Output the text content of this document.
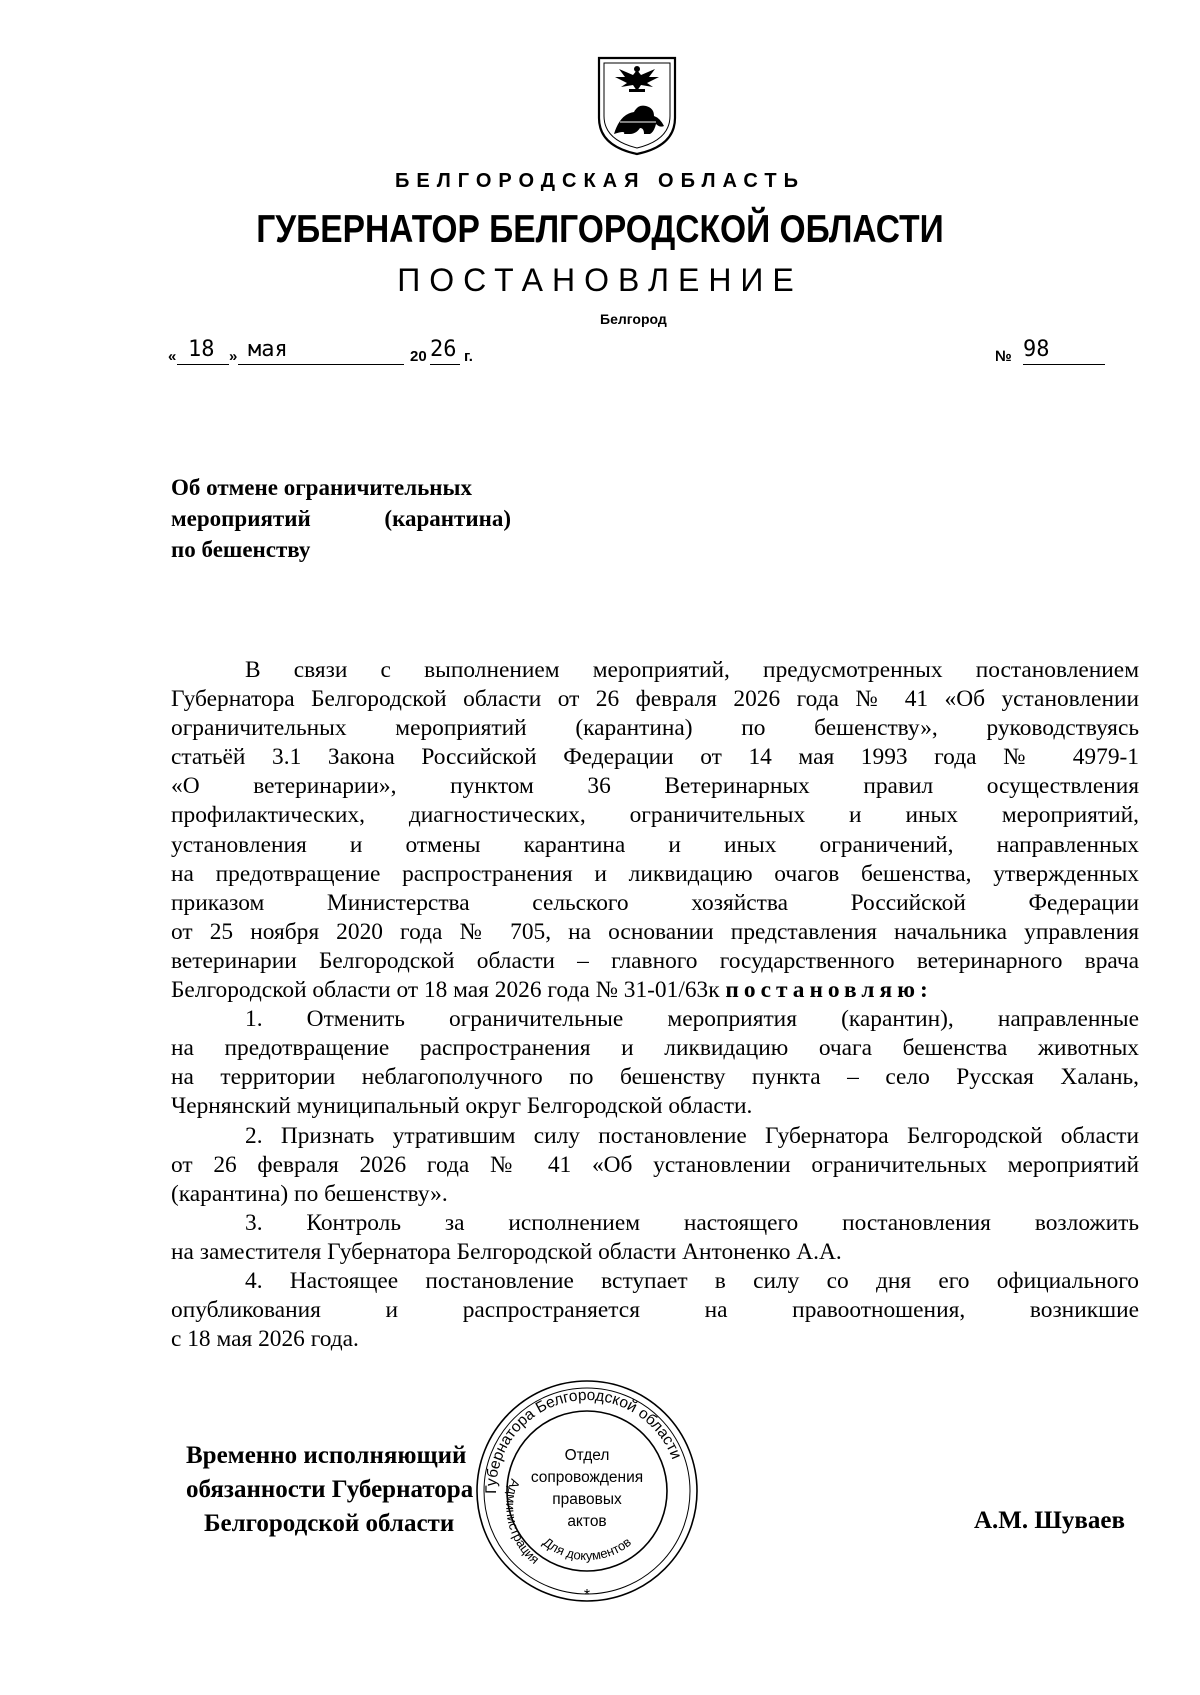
БЕЛГОРОДСКАЯ ОБЛАСТЬ
ГУБЕРНАТОР БЕЛГОРОДСКОЙ ОБЛАСТИ
ПОСТАНОВЛЕНИЕ
Белгород
« 18 » мая	20 26 г.	№ 98
Об отмене ограничительных
мероприятий	(карантина)
по бешенству

В связи с выполнением мероприятий, предусмотренных постановлением

Губернатора Белгородской области от 26 февраля 2026 года № 41 «Об установлении

ограничительных мероприятий (карантина) по бешенству», руководствуясь

статьёй 3.1 Закона Российской Федерации от 14 мая 1993 года № 4979-1

«О ветеринарии», пунктом 36 Ветеринарных правил осуществления

профилактических, диагностических, ограничительных и иных мероприятий,

установления и отмены карантина и иных ограничений, направленных

на предотвращение распространения и ликвидацию очагов бешенства, утвержденных

приказом Министерства сельского хозяйства Российской Федерации

от 25 ноября 2020 года № 705, на основании представления начальника управления

ветеринарии Белгородской области – главного государственного ветеринарного врача

Белгородской области от 18 мая 2026 года № 31-01/63к постановляю:

1. Отменить ограничительные мероприятия (карантин), направленные

на предотвращение распространения и ликвидацию очага бешенства животных

на территории неблагополучного по бешенству пункта – село Русская Халань,

Чернянский муниципальный округ Белгородской области.

2. Признать утратившим силу постановление Губернатора Белгородской области

от 26 февраля 2026 года № 41 «Об установлении ограничительных мероприятий

(карантина) по бешенству».

3. Контроль за исполнением настоящего постановления возложить

на заместителя Губернатора Белгородской области Антоненко А.А.

4. Настоящее постановление вступает в силу со дня его официального

опубликования и распространяется на правоотношения, возникшие

с 18 мая 2026 года.

Временно исполняющий
обязанности Губернатора
Белгородской области	А.М. Шуваев
Губернатора Белгородской области
Администрация
Отдел
сопровождения
правовых
актов
Для документов
*
